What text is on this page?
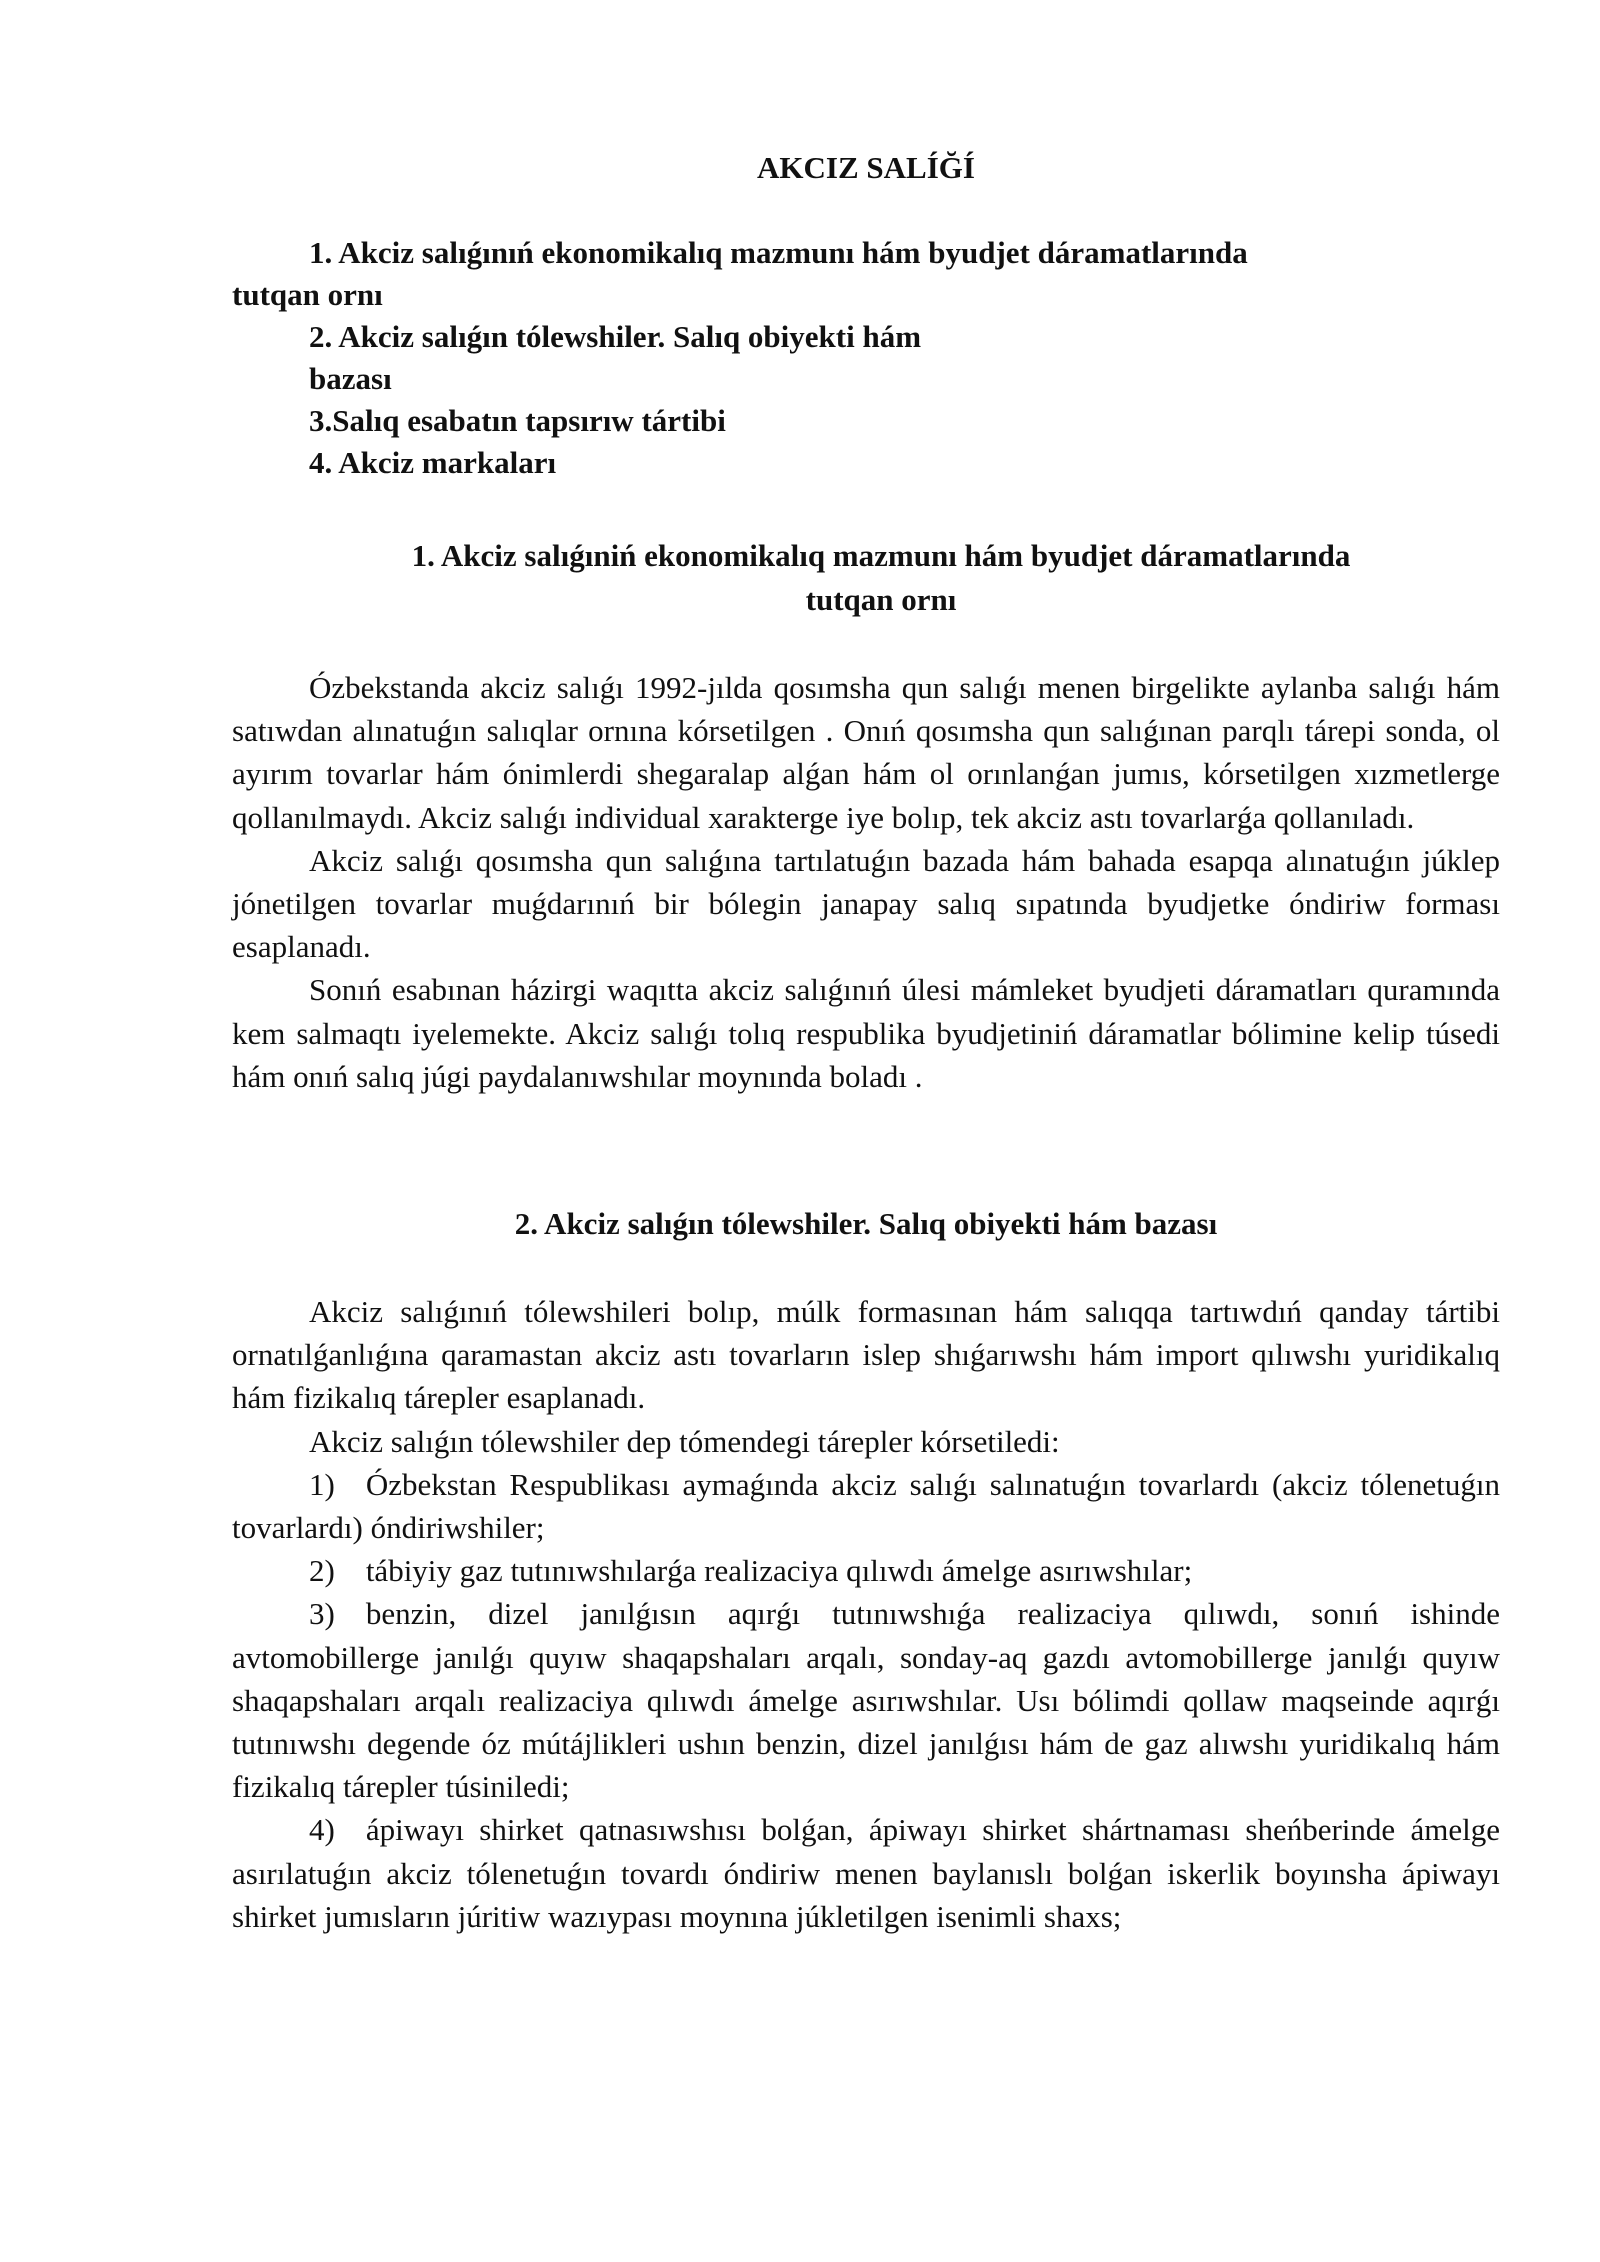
AKCIZ SALÍĞÍ
1. Akciz salıǵınıń ekonomikalıq mazmunı hám byudjet dáramatlarında
tutqan ornı
2. Akciz salıǵın tólewshiler. Salıq obiyekti hám
bazası
3.Salıq esabatın tapsırıw tártibi
4. Akciz markaları
1. Akciz salıǵıniń ekonomikalıq mazmunı hám byudjet dáramatlarında
tutqan ornı

Ózbekstanda akciz salıǵı 1992-jılda qosımsha qun salıǵı menen birgelikte aylanba salıǵı hám satıwdan alınatuǵın salıqlar ornına kórsetilgen . Onıń qosımsha qun salıǵınan parqlı tárepi sonda, ol ayırım tovarlar hám ónimlerdi shegaralap alǵan hám ol orınlanǵan jumıs, kórsetilgen xızmetlerge qollanılmaydı. Akciz salıǵı individual xarakterge iye bolıp, tek akciz astı tovarlarǵa qollanıladı.

Akciz salıǵı qosımsha qun salıǵına tartılatuǵın bazada hám bahada esapqa alınatuǵın júklep jónetilgen tovarlar muǵdarınıń bir bólegin janapay salıq sıpatında byudjetke óndiriw forması esaplanadı.

Sonıń esabınan házirgi waqıtta akciz salıǵınıń úlesi mámleket byudjeti dáramatları quramında kem salmaqtı iyelemekte. Akciz salıǵı tolıq respublika byudjetiniń dáramatlar bólimine kelip túsedi hám onıń salıq júgi paydalanıwshılar moynında boladı .

2. Akciz salıǵın tólewshiler. Salıq obiyekti hám bazası

Akciz salıǵınıń tólewshileri bolıp, múlk formasınan hám salıqqa tartıwdıń qanday tártibi ornatılǵanlıǵına qaramastan akciz astı tovarların islep shıǵarıwshı hám import qılıwshı yuridikalıq hám fizikalıq tárepler esaplanadı.

Akciz salıǵın tólewshiler dep tómendegi tárepler kórsetiledi:

1) Ózbekstan Respublikası aymaǵında akciz salıǵı salınatuǵın tovarlardı (akciz tólenetuǵın tovarlardı) óndiriwshiler;

2) tábiyiy gaz tutınıwshılarǵa realizaciya qılıwdı ámelge asırıwshılar;

3) benzin, dizel janılǵısın aqırǵı tutınıwshıǵa realizaciya qılıwdı, sonıń ishinde avtomobillerge janılǵı quyıw shaqapshaları arqalı, sonday-aq gazdı avtomobillerge janılǵı quyıw shaqapshaları arqalı realizaciya qılıwdı ámelge asırıwshılar. Usı bólimdi qollaw maqseinde aqırǵı tutınıwshı degende óz mútájlikleri ushın benzin, dizel janılǵısı hám de gaz alıwshı yuridikalıq hám fizikalıq tárepler túsiniledi;

4) ápiwayı shirket qatnasıwshısı bolǵan, ápiwayı shirket shártnaması sheńberinde ámelge asırılatuǵın akciz tólenetuǵın tovardı óndiriw menen baylanıslı bolǵan iskerlik boyınsha ápiwayı shirket jumısların júritiw wazıypası moynına júkletilgen isenimli shaxs;
